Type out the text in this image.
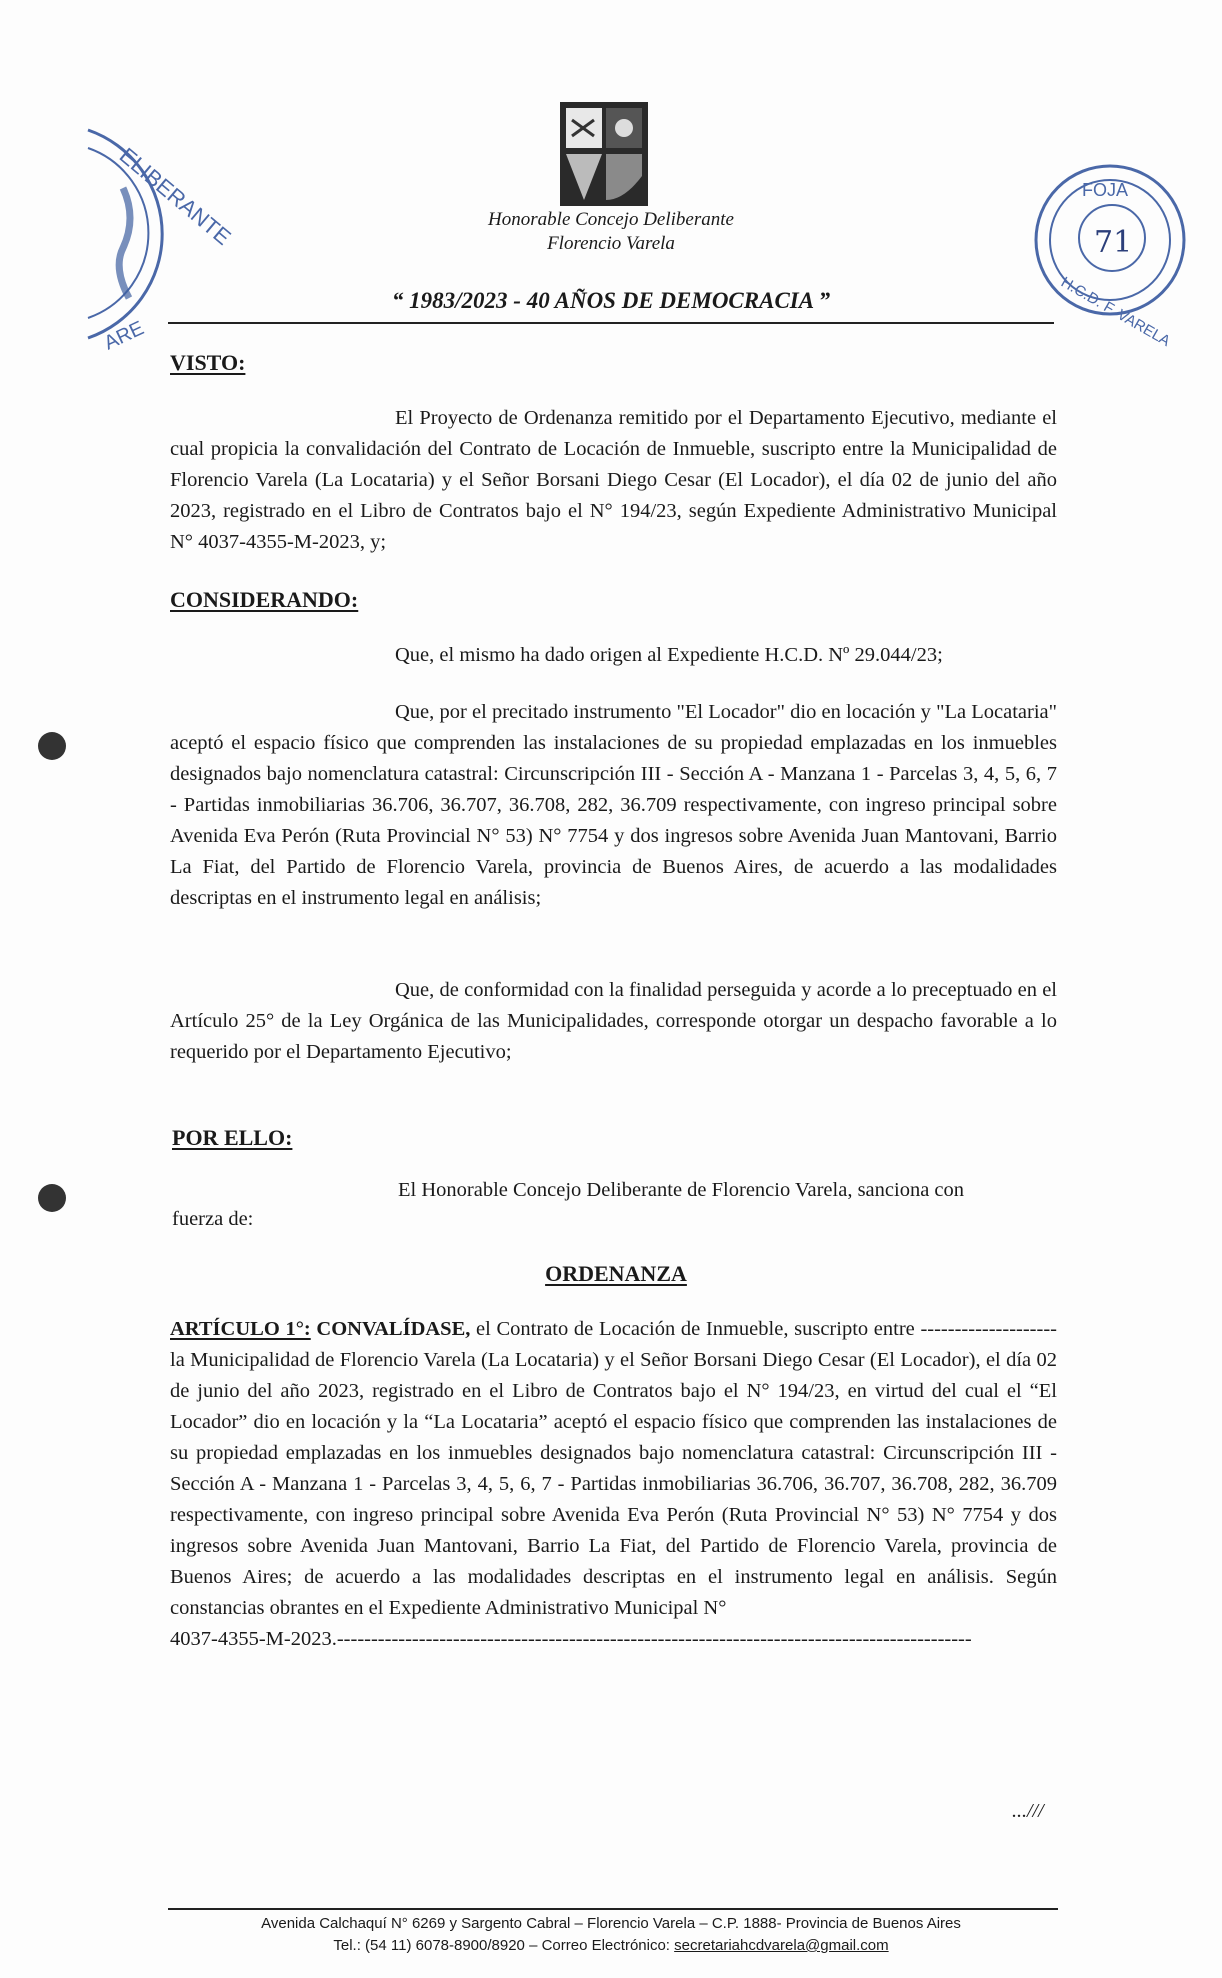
ELIBERANTE
ARE
Honorable Concejo Deliberante
Florencio Varela
FOJA
H.C.D. F. VARELA
71
“ 1983/2023 - 40 AÑOS DE DEMOCRACIA ”
VISTO:
El Proyecto de Ordenanza remitido por el Departamento Ejecutivo, mediante el cual propicia la convalidación del Contrato de Locación de Inmueble, suscripto entre la Municipalidad de Florencio Varela (La Locataria) y el Señor Borsani Diego Cesar (El Locador), el día 02 de junio del año 2023, registrado en el Libro de Contratos bajo el N° 194/23, según Expediente Administrativo Municipal N° 4037-4355-M-2023, y;
CONSIDERANDO:
Que, el mismo ha dado origen al Expediente H.C.D. Nº 29.044/23;
Que, por el precitado instrumento "El Locador" dio en locación y "La Locataria" aceptó el espacio físico que comprenden las instalaciones de su propiedad emplazadas en los inmuebles designados bajo nomenclatura catastral: Circunscripción III - Sección A - Manzana 1 - Parcelas 3, 4, 5, 6, 7 - Partidas inmobiliarias 36.706, 36.707, 36.708, 282, 36.709 respectivamente, con ingreso principal sobre Avenida Eva Perón (Ruta Provincial N° 53) N° 7754 y dos ingresos sobre Avenida Juan Mantovani, Barrio La Fiat, del Partido de Florencio Varela, provincia de Buenos Aires, de acuerdo a las modalidades descriptas en el instrumento legal en análisis;
Que, de conformidad con la finalidad perseguida y acorde a lo preceptuado en el Artículo 25° de la Ley Orgánica de las Municipalidades, corresponde otorgar un despacho favorable a lo requerido por el Departamento Ejecutivo;
POR ELLO:
El Honorable Concejo Deliberante de Florencio Varela, sanciona con
fuerza de:
ORDENANZA
ARTÍCULO 1°: CONVALÍDASE, el Contrato de Locación de Inmueble, suscripto entre -------------------- la Municipalidad de Florencio Varela (La Locataria) y el Señor Borsani Diego Cesar (El Locador), el día 02 de junio del año 2023, registrado en el Libro de Contratos bajo el N° 194/23, en virtud del cual el “El Locador” dio en locación y la “La Locataria” aceptó el espacio físico que comprenden las instalaciones de su propiedad emplazadas en los inmuebles designados bajo nomenclatura catastral: Circunscripción III - Sección A - Manzana 1 - Parcelas 3, 4, 5, 6, 7 - Partidas inmobiliarias 36.706, 36.707, 36.708, 282, 36.709 respectivamente, con ingreso principal sobre Avenida Eva Perón (Ruta Provincial N° 53) N° 7754 y dos ingresos sobre Avenida Juan Mantovani, Barrio La Fiat, del Partido de Florencio Varela, provincia de Buenos Aires; de acuerdo a las modalidades descriptas en el instrumento legal en análisis. Según constancias obrantes en el Expediente Administrativo Municipal N°
4037-4355-M-2023.---------------------------------------------------------------------------------------------
...///
Avenida Calchaquí N° 6269 y Sargento Cabral – Florencio Varela – C.P. 1888- Provincia de Buenos Aires
Tel.: (54 11) 6078-8900/8920 – Correo Electrónico: secretariahcdvarela@gmail.com
